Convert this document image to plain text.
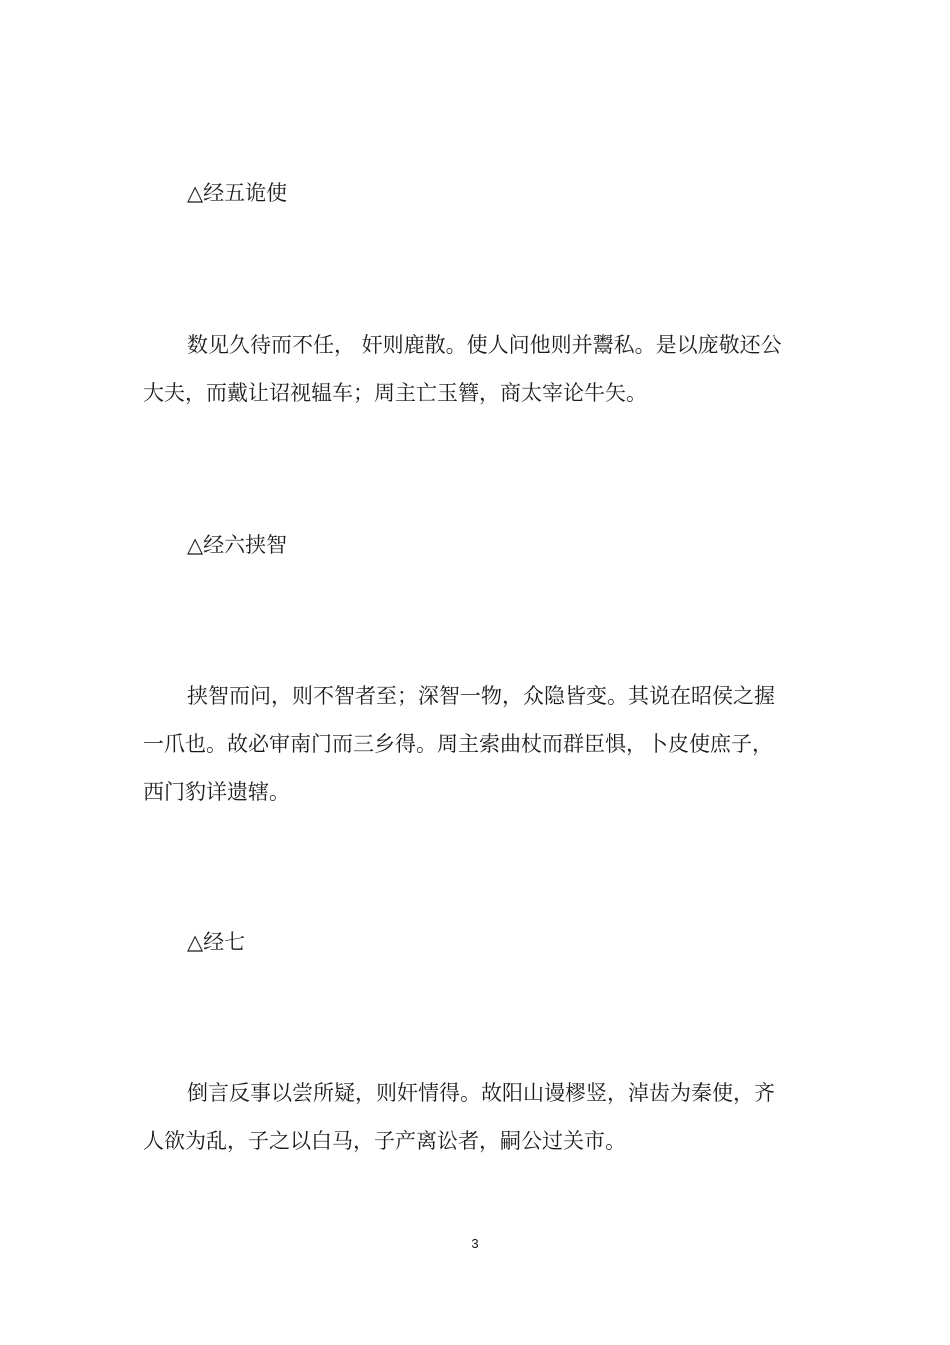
△经五诡使
数见久待而不任， 奸则鹿散。使人问他则并鬻私。是以庞敬还公
大夫，而戴让诏视辒车；周主亡玉簪，商太宰论牛矢。
△经六挟智
挟智而问，则不智者至；深智一物，众隐皆变。其说在昭侯之握
一爪也。故必审南门而三乡得。周主索曲杖而群臣惧，卜皮使庶子，
西门豹详遗辖。
△经七
倒言反事以尝所疑，则奸情得。故阳山谩樛竖，淖齿为秦使，齐
人欲为乱，子之以白马，子产离讼者，嗣公过关市。
3
